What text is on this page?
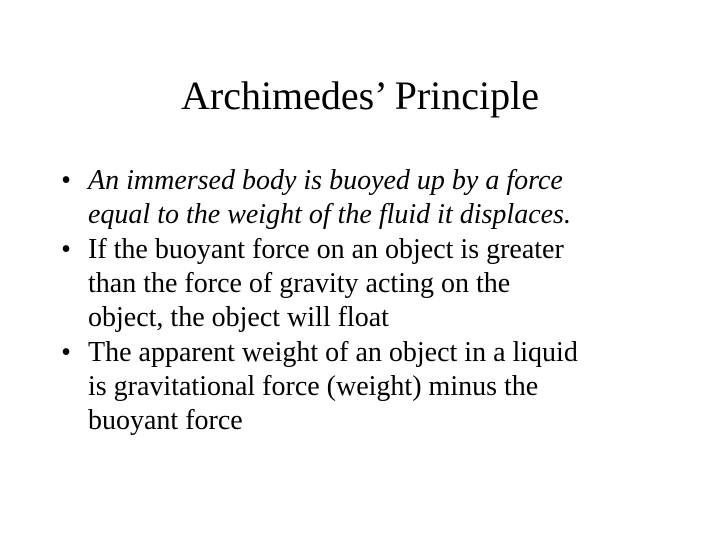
Archimedes’ Principle
• An immersed body is buoyed up by a force
equal to the weight of the fluid it displaces.
• If the buoyant force on an object is greater
than the force of gravity acting on the
object, the object will float
• The apparent weight of an object in a liquid
is gravitational force (weight) minus the
buoyant force
